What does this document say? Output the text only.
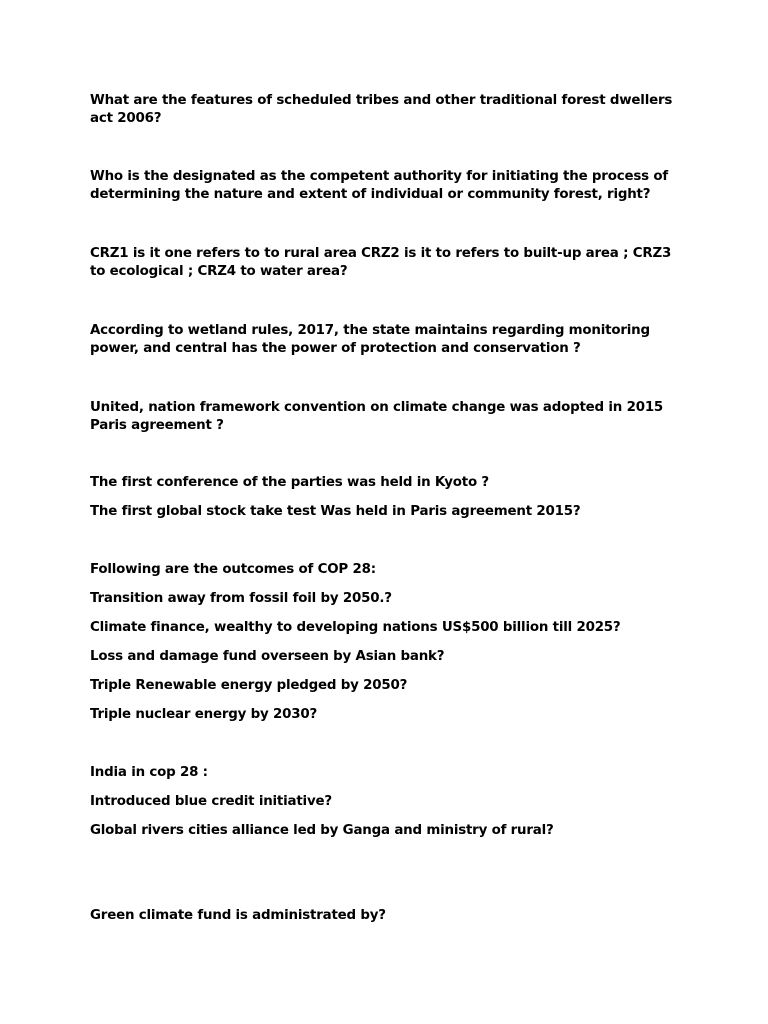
What are the features of scheduled tribes and other traditional forest dwellers act 2006?

Who is the designated as the competent authority for initiating the process of determining the nature and extent of individual or community forest, right?

CRZ1 is it one refers to to rural area CRZ2 is it to refers to built-up area ; CRZ3 to ecological ; CRZ4 to water area?

According to wetland rules, 2017, the state maintains regarding monitoring power, and central has the power of protection and conservation ?

United, nation framework convention on climate change was adopted in 2015 Paris agreement ?

The first conference of the parties was held in Kyoto ?

The first global stock take test Was held in Paris agreement 2015?

Following are the outcomes of COP 28:

Transition away from fossil foil by 2050.?

Climate finance, wealthy to developing nations US$500 billion till 2025?

Loss and damage fund overseen by Asian bank?

Triple Renewable energy pledged by 2050?

Triple nuclear energy by 2030?

India in cop 28 :

Introduced blue credit initiative?

Global rivers cities alliance led by Ganga and ministry of rural?

Green climate fund is administrated by?
